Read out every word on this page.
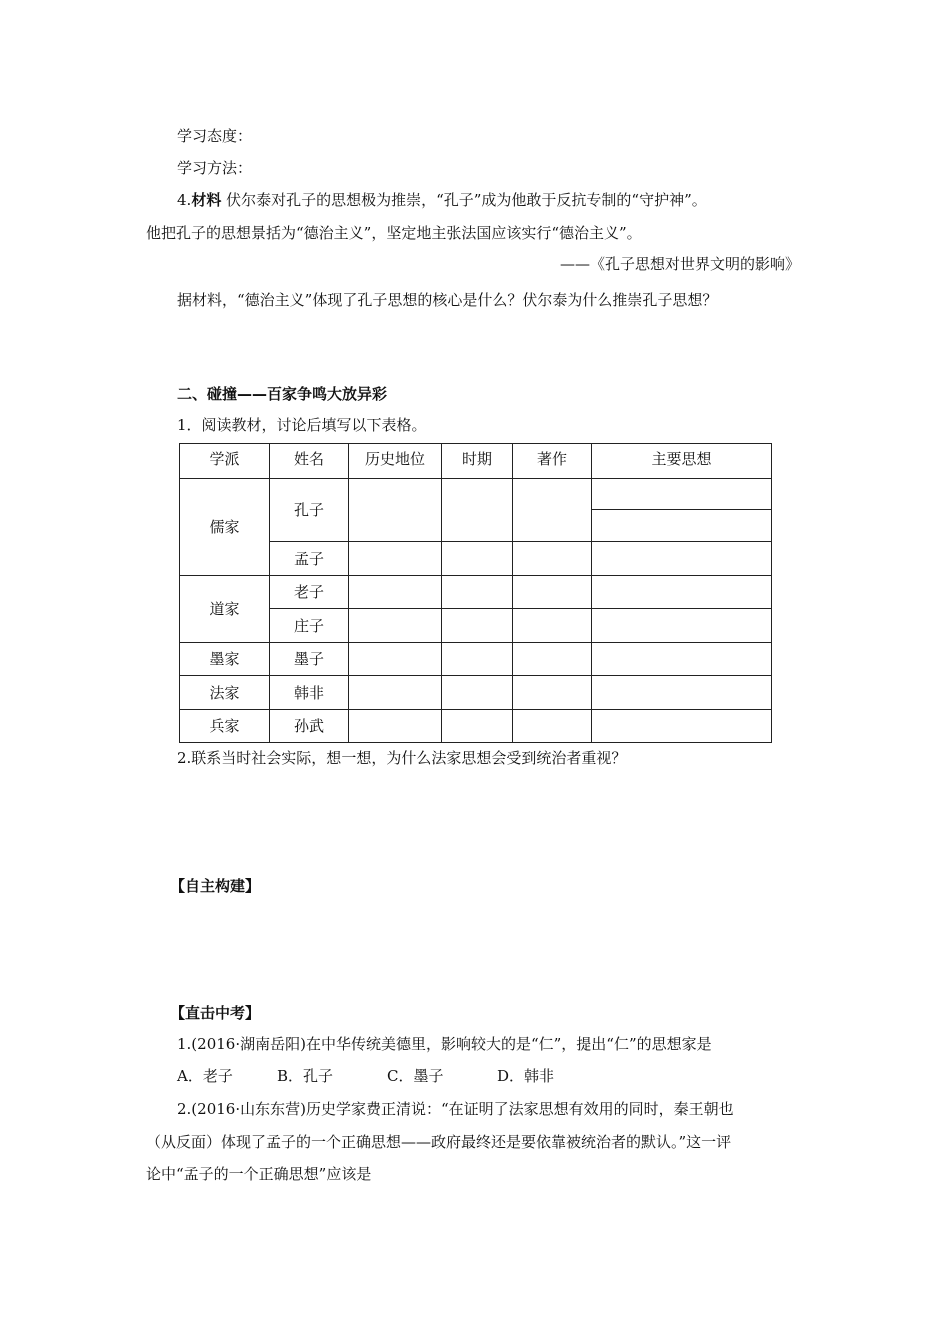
学习态度：
学习方法：
4.材料 伏尔泰对孔子的思想极为推崇，“孔子”成为他敢于反抗专制的“守护神”。
他把孔子的思想景括为“德治主义”，坚定地主张法国应该实行“德治主义”。
——《孔子思想对世界文明的影响》
据材料，“德治主义”体现了孔子思想的核心是什么？伏尔泰为什么推崇孔子思想？
二、碰撞——百家争鸣大放异彩
1．阅读教材，讨论后填写以下表格。
学派	姓名	历史地位	时期	著作	主要思想
儒家	孔子				

	孟子				
道家	老子				
	庄子				
墨家	墨子				
法家	韩非				
兵家	孙武				
2.联系当时社会实际，想一想，为什么法家思想会受到统治者重视？
【自主构建】
【直击中考】
1.(2016·湖南岳阳)在中华传统美德里，影响较大的是“仁”，提出“仁”的思想家是
A．老子	B．孔子	C．墨子	D．韩非
2.(2016·山东东营)历史学家费正清说：“在证明了法家思想有效用的同时，秦王朝也
（从反面）体现了孟子的一个正确思想——政府最终还是要依靠被统治者的默认。”这一评
论中“孟子的一个正确思想”应该是
